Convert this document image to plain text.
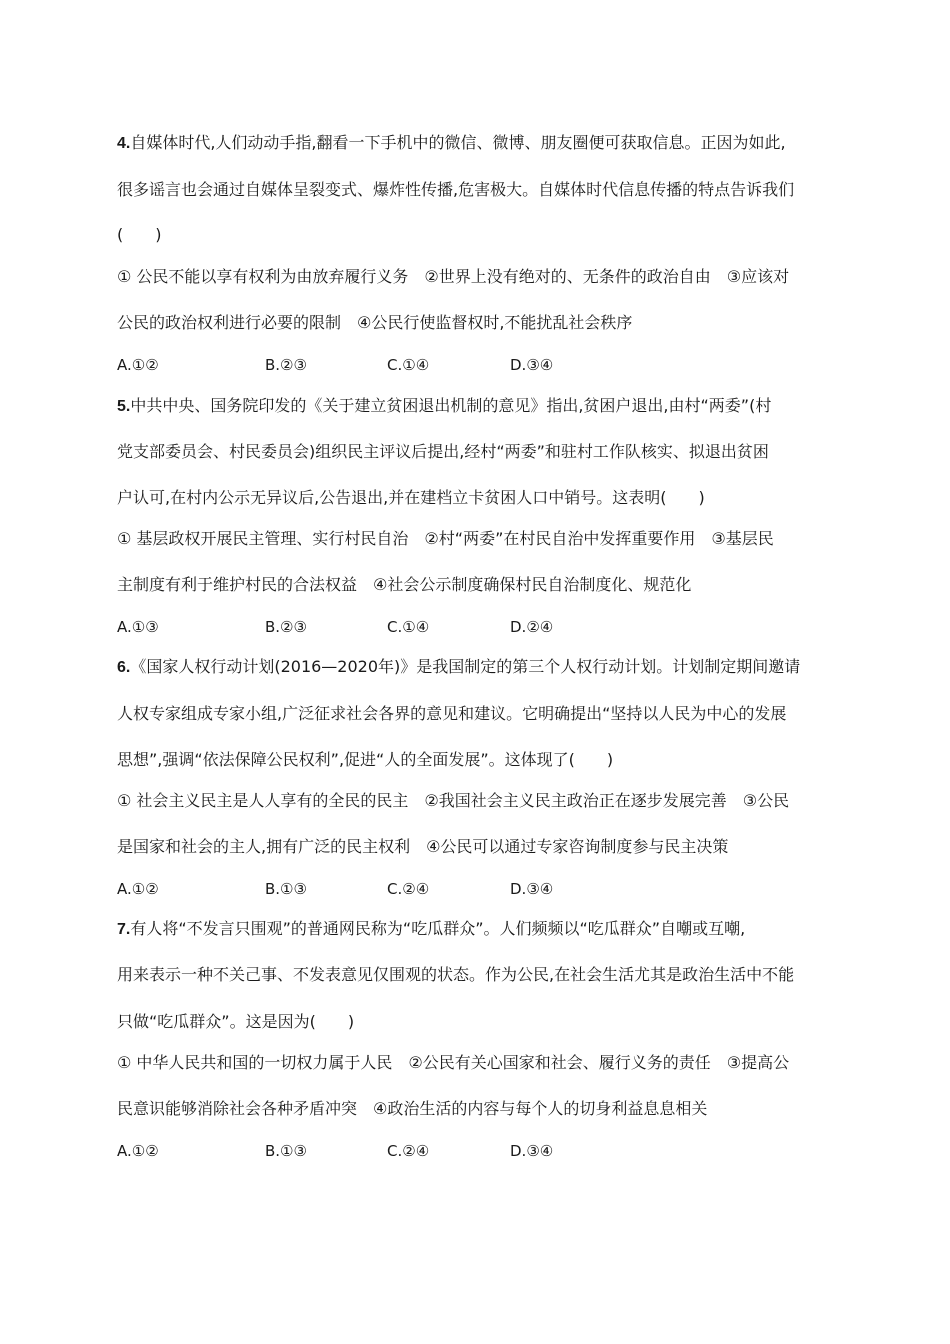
4.自媒体时代,人们动动手指,翻看一下手机中的微信、微博、朋友圈便可获取信息。正因为如此,
很多谣言也会通过自媒体呈裂变式、爆炸性传播,危害极大。自媒体时代信息传播的特点告诉我们
(　　)
① 公民不能以享有权利为由放弃履行义务　②世界上没有绝对的、无条件的政治自由　③应该对
公民的政治权利进行必要的限制　④公民行使监督权时,不能扰乱社会秩序
A.①②	B.②③	C.①④	D.③④
5.中共中央、国务院印发的《关于建立贫困退出机制的意见》指出,贫困户退出,由村“两委”(村
党支部委员会、村民委员会)组织民主评议后提出,经村“两委”和驻村工作队核实、拟退出贫困
户认可,在村内公示无异议后,公告退出,并在建档立卡贫困人口中销号。这表明(　　)
① 基层政权开展民主管理、实行村民自治　②村“两委”在村民自治中发挥重要作用　③基层民
主制度有利于维护村民的合法权益　④社会公示制度确保村民自治制度化、规范化
A.①③	B.②③	C.①④	D.②④
6.《国家人权行动计划(2016—2020年)》是我国制定的第三个人权行动计划。计划制定期间邀请
人权专家组成专家小组,广泛征求社会各界的意见和建议。它明确提出“坚持以人民为中心的发展
思想”,强调“依法保障公民权利”,促进“人的全面发展”。这体现了(　　)
① 社会主义民主是人人享有的全民的民主　②我国社会主义民主政治正在逐步发展完善　③公民
是国家和社会的主人,拥有广泛的民主权利　④公民可以通过专家咨询制度参与民主决策
A.①②	B.①③	C.②④	D.③④
7.有人将“不发言只围观”的普通网民称为“吃瓜群众”。人们频频以“吃瓜群众”自嘲或互嘲,
用来表示一种不关己事、不发表意见仅围观的状态。作为公民,在社会生活尤其是政治生活中不能
只做“吃瓜群众”。这是因为(　　)
① 中华人民共和国的一切权力属于人民　②公民有关心国家和社会、履行义务的责任　③提高公
民意识能够消除社会各种矛盾冲突　④政治生活的内容与每个人的切身利益息息相关
A.①②	B.①③	C.②④	D.③④
